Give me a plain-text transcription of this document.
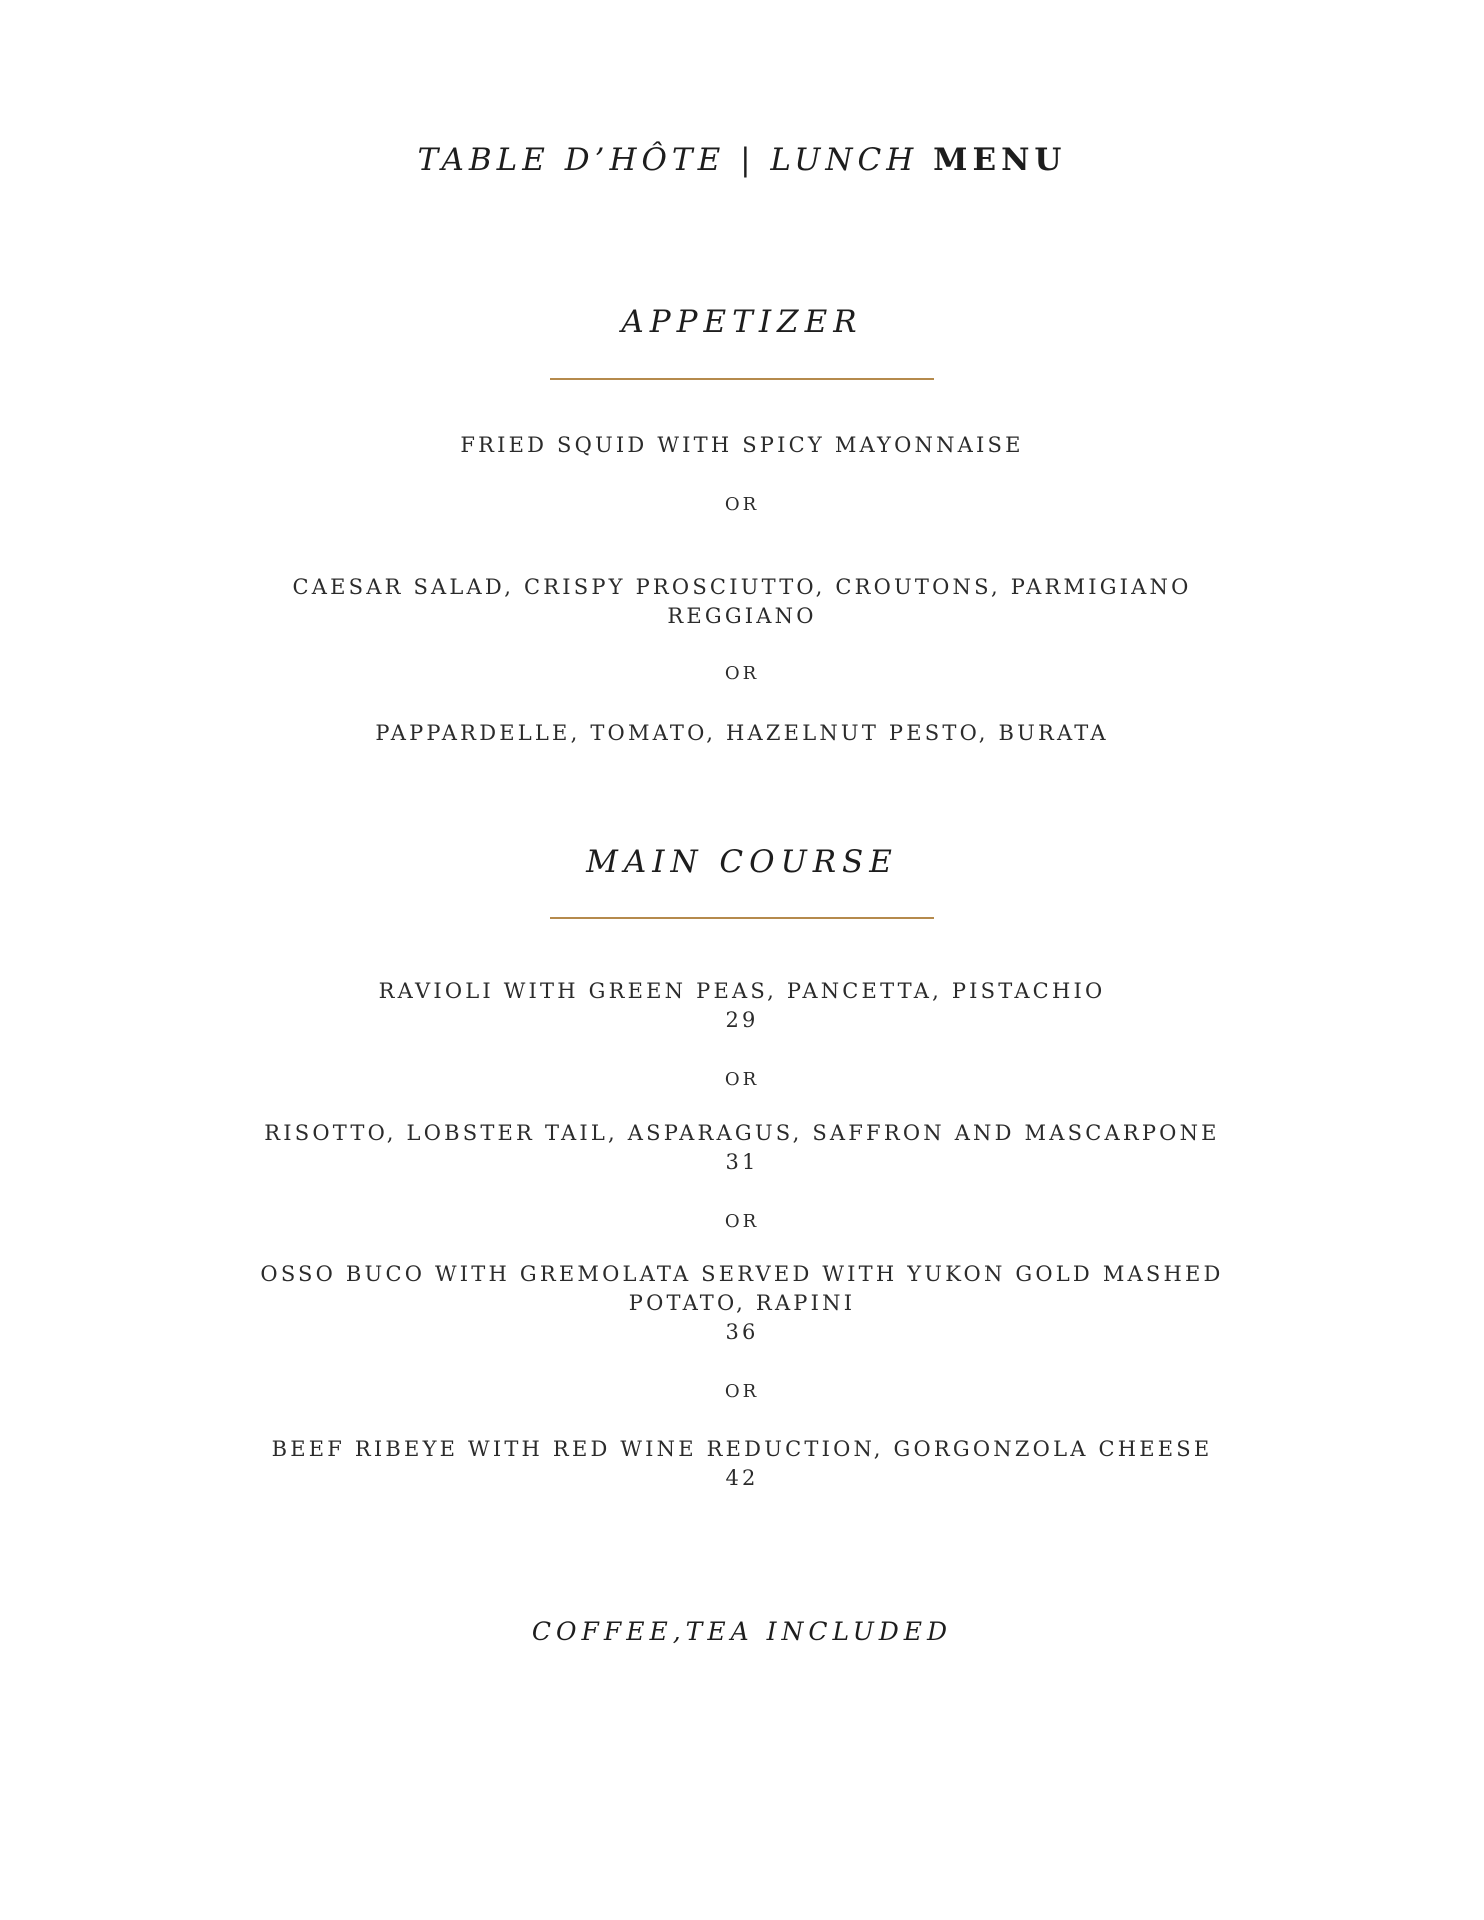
TABLE D’HÔTE | LUNCH MENU
APPETIZER
FRIED SQUID WITH SPICY MAYONNAISE
OR
CAESAR SALAD, CRISPY PROSCIUTTO, CROUTONS, PARMIGIANO
REGGIANO
OR
PAPPARDELLE, TOMATO, HAZELNUT PESTO, BURATA
MAIN COURSE
RAVIOLI WITH GREEN PEAS, PANCETTA, PISTACHIO
29
OR
RISOTTO, LOBSTER TAIL, ASPARAGUS, SAFFRON AND MASCARPONE
31
OR
OSSO BUCO WITH GREMOLATA SERVED WITH YUKON GOLD MASHED
POTATO, RAPINI
36
OR
BEEF RIBEYE WITH RED WINE REDUCTION, GORGONZOLA CHEESE
42
COFFEE,TEA INCLUDED
